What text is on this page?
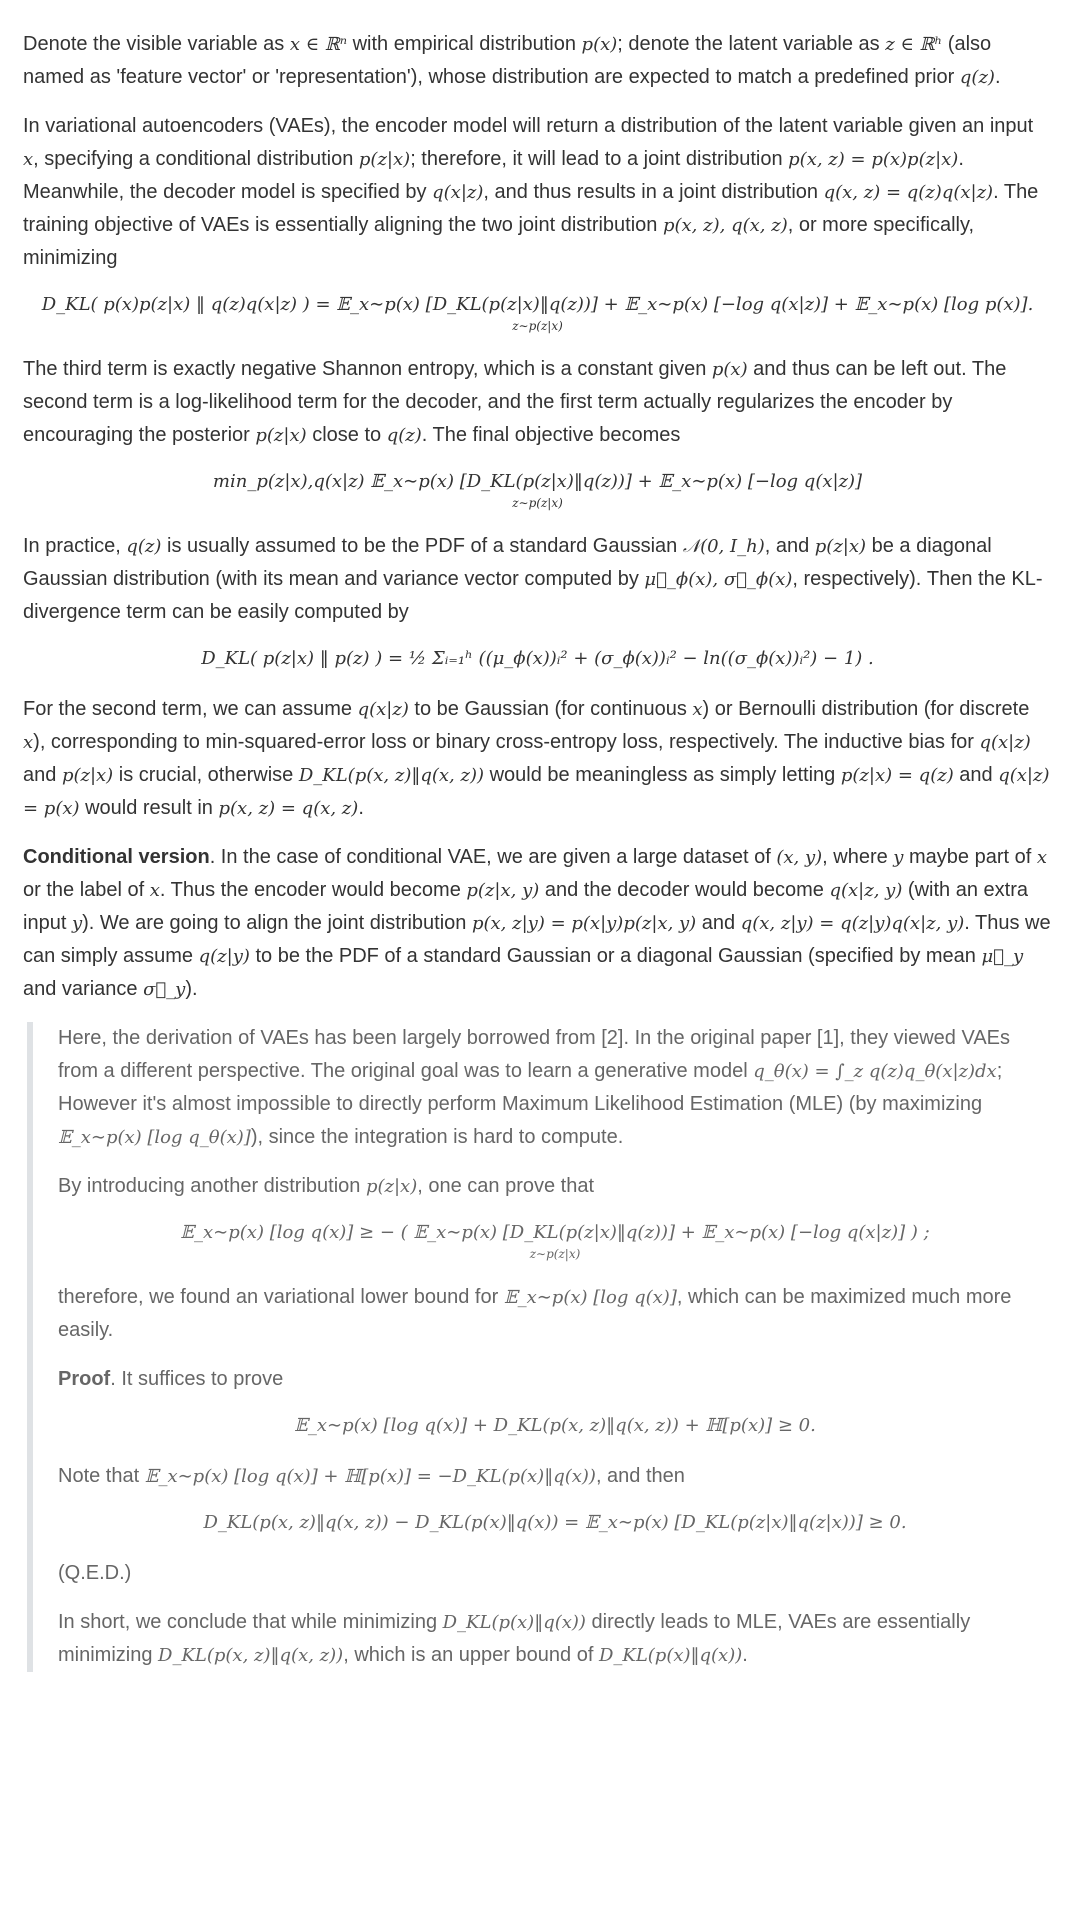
Denote the visible variable as x ∈ ℝⁿ with empirical distribution p(x); denote the latent variable as z ∈ ℝʰ (also named as 'feature vector' or 'representation'), whose distribution are expected to match a predefined prior q(z).

In variational autoencoders (VAEs), the encoder model will return a distribution of the latent variable given an input x, specifying a conditional distribution p(z|x); therefore, it will lead to a joint distribution p(x, z) = p(x)p(z|x). Meanwhile, the decoder model is specified by q(x|z), and thus results in a joint distribution q(x, z) = q(z)q(x|z). The training objective of VAEs is essentially aligning the two joint distribution p(x, z), q(x, z), or more specifically, minimizing

D_KL( p(x)p(z|x) ‖ q(z)q(x|z) ) = 𝔼_x∼p(x) [D_KL(p(z|x)‖q(z))] + 𝔼_x∼p(x) [−log q(x|z)] + 𝔼_x∼p(x) [log p(x)].
z∼p(z|x)

The third term is exactly negative Shannon entropy, which is a constant given p(x) and thus can be left out. The second term is a log-likelihood term for the decoder, and the first term actually regularizes the encoder by encouraging the posterior p(z|x) close to q(z). The final objective becomes

min_p(z|x),q(x|z) 𝔼_x∼p(x) [D_KL(p(z|x)‖q(z))] + 𝔼_x∼p(x) [−log q(x|z)]
z∼p(z|x)

In practice, q(z) is usually assumed to be the PDF of a standard Gaussian 𝒩(0, I_h), and p(z|x) be a diagonal Gaussian distribution (with its mean and variance vector computed by μ⃗_ϕ(x), σ⃗_ϕ(x), respectively). Then the KL-divergence term can be easily computed by

D_KL( p(z|x) ‖ p(z) ) = ½ Σᵢ₌₁ʰ ((μ_ϕ(x))ᵢ² + (σ_ϕ(x))ᵢ² − ln((σ_ϕ(x))ᵢ²) − 1) .

For the second term, we can assume q(x|z) to be Gaussian (for continuous x) or Bernoulli distribution (for discrete x), corresponding to min-squared-error loss or binary cross-entropy loss, respectively. The inductive bias for q(x|z) and p(z|x) is crucial, otherwise D_KL(p(x, z)‖q(x, z)) would be meaningless as simply letting p(z|x) = q(z) and q(x|z) = p(x) would result in p(x, z) = q(x, z).

Conditional version. In the case of conditional VAE, we are given a large dataset of (x, y), where y maybe part of x or the label of x. Thus the encoder would become p(z|x, y) and the decoder would become q(x|z, y) (with an extra input y). We are going to align the joint distribution p(x, z|y) = p(x|y)p(z|x, y) and q(x, z|y) = q(z|y)q(x|z, y). Thus we can simply assume q(z|y) to be the PDF of a standard Gaussian or a diagonal Gaussian (specified by mean μ⃗_y and variance σ⃗_y).

Here, the derivation of VAEs has been largely borrowed from [2]. In the original paper [1], they viewed VAEs from a different perspective. The original goal was to learn a generative model q_θ(x) = ∫_z q(z)q_θ(x|z)dx; However it's almost impossible to directly perform Maximum Likelihood Estimation (MLE) (by maximizing 𝔼_x∼p(x) [log q_θ(x)]), since the integration is hard to compute.

By introducing another distribution p(z|x), one can prove that

𝔼_x∼p(x) [log q(x)] ≥ − ( 𝔼_x∼p(x) [D_KL(p(z|x)‖q(z))] + 𝔼_x∼p(x) [−log q(x|z)] ) ;
z∼p(z|x)

therefore, we found an variational lower bound for 𝔼_x∼p(x) [log q(x)], which can be maximized much more easily.

Proof. It suffices to prove

𝔼_x∼p(x) [log q(x)] + D_KL(p(x, z)‖q(x, z)) + ℍ[p(x)] ≥ 0.

Note that 𝔼_x∼p(x) [log q(x)] + ℍ[p(x)] = −D_KL(p(x)‖q(x)), and then

D_KL(p(x, z)‖q(x, z)) − D_KL(p(x)‖q(x)) = 𝔼_x∼p(x) [D_KL(p(z|x)‖q(z|x))] ≥ 0.

(Q.E.D.)

In short, we conclude that while minimizing D_KL(p(x)‖q(x)) directly leads to MLE, VAEs are essentially minimizing D_KL(p(x, z)‖q(x, z)), which is an upper bound of D_KL(p(x)‖q(x)).
